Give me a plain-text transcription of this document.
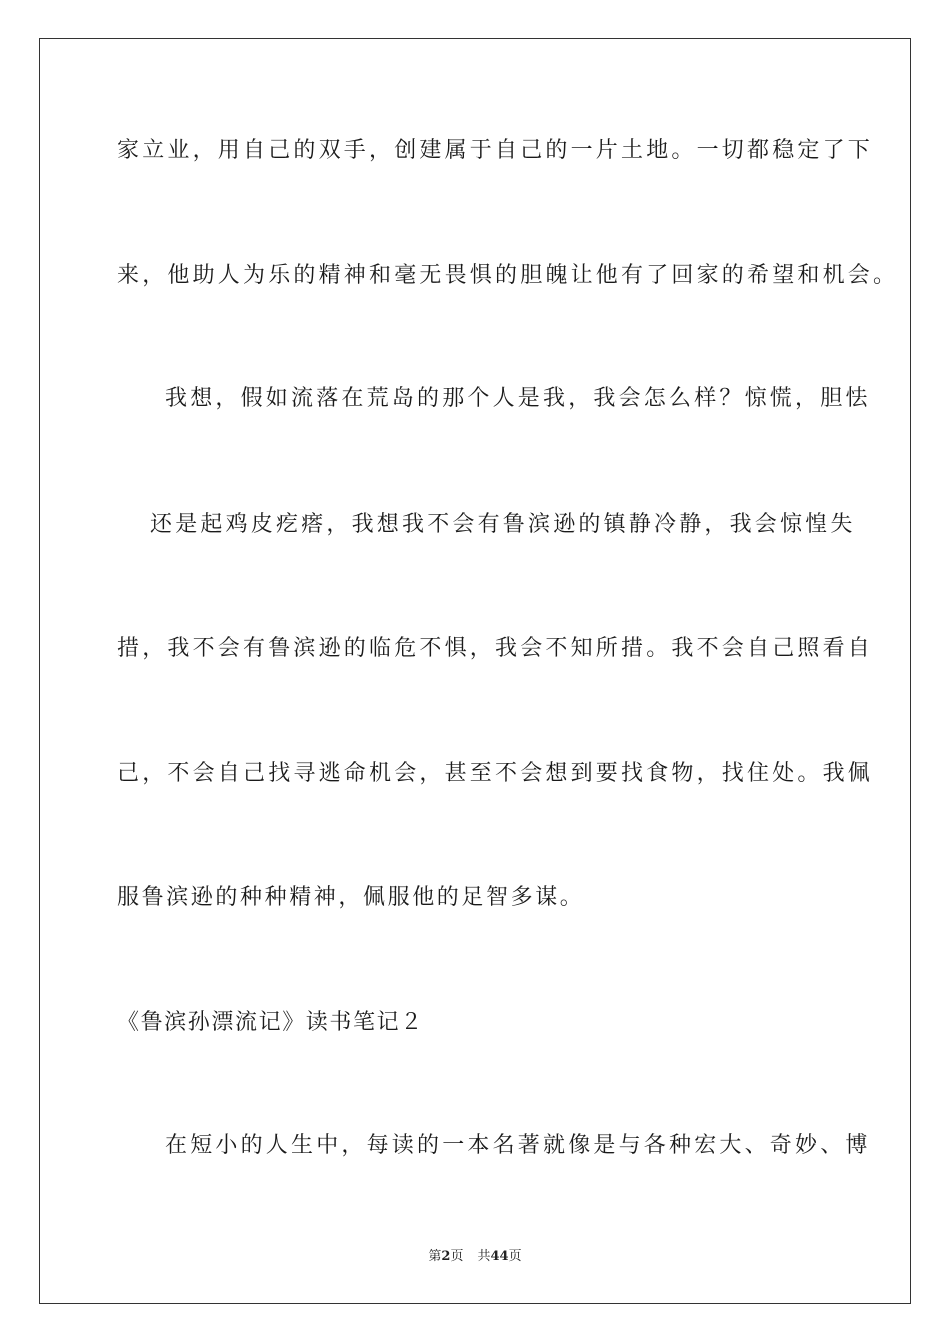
家立业，用自己的双手，创建属于自己的一片土地。一切都稳定了下
来，他助人为乐的精神和毫无畏惧的胆魄让他有了回家的希望和机会。
我想，假如流落在荒岛的那个人是我，我会怎么样？惊慌，胆怯
还是起鸡皮疙瘩，我想我不会有鲁滨逊的镇静冷静，我会惊惶失
措，我不会有鲁滨逊的临危不惧，我会不知所措。我不会自己照看自
己，不会自己找寻逃命机会，甚至不会想到要找食物，找住处。我佩
服鲁滨逊的种种精神，佩服他的足智多谋。
《鲁滨孙漂流记》读书笔记２
在短小的人生中，每读的一本名著就像是与各种宏大、奇妙、博
第2页 共44页
